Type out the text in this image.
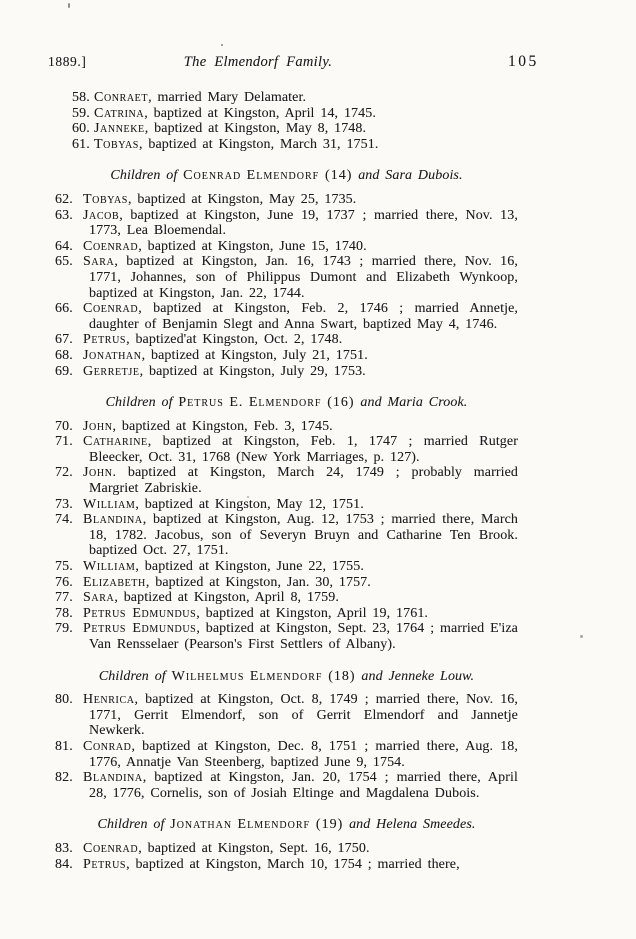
1889.]	The Elmendorf Family.	105

58. Conraet, married Mary Delamater.

59. Catrina, baptized at Kingston, April 14, 1745.

60. Janneke, baptized at Kingston, May 8, 1748.

61. Tobyas, baptized at Kingston, March 31, 1751.

Children of Coenrad Elmendorf (14) and Sara Dubois.

62. Tobyas, baptized at Kingston, May 25, 1735.

63. Jacob, baptized at Kingston, June 19, 1737 ; married there, Nov. 13, 1773, Lea Bloemendal.

64. Coenrad, baptized at Kingston, June 15, 1740.

65. Sara, baptized at Kingston, Jan. 16, 1743 ; married there, Nov. 16, 1771, Johannes, son of Philippus Dumont and Elizabeth Wynkoop, baptized at Kingston, Jan. 22, 1744.

66. Coenrad, baptized at Kingston, Feb. 2, 1746 ; married Annetje, daughter of Benjamin Slegt and Anna Swart, baptized May 4, 1746.

67. Petrus, baptized'at Kingston, Oct. 2, 1748.

68. Jonathan, baptized at Kingston, July 21, 1751.

69. Gerretje, baptized at Kingston, July 29, 1753.

Children of Petrus E. Elmendorf (16) and Maria Crook.

70. John, baptized at Kingston, Feb. 3, 1745.

71. Catharine, baptized at Kingston, Feb. 1, 1747 ; married Rutger Bleecker, Oct. 31, 1768 (New York Marriages, p. 127).

72. John. baptized at Kingston, March 24, 1749 ; probably married Margriet Zabriskie.

73. William, baptized at Kingston, May 12, 1751.

74. Blandina, baptized at Kingston, Aug. 12, 1753 ; married there, March 18, 1782. Jacobus, son of Severyn Bruyn and Catharine Ten Brook. baptized Oct. 27, 1751.

75. William, baptized at Kingston, June 22, 1755.

76. Elizabeth, baptized at Kingston, Jan. 30, 1757.

77. Sara, baptized at Kingston, April 8, 1759.

78. Petrus Edmundus, baptized at Kingston, April 19, 1761.

79. Petrus Edmundus, baptized at Kingston, Sept. 23, 1764 ; married E'iza Van Rensselaer (Pearson's First Settlers of Albany).

Children of Wilhelmus Elmendorf (18) and Jenneke Louw.

80. Henrica, baptized at Kingston, Oct. 8, 1749 ; married there, Nov. 16, 1771, Gerrit Elmendorf, son of Gerrit Elmendorf and Jannetje Newkerk.

81. Conrad, baptized at Kingston, Dec. 8, 1751 ; married there, Aug. 18, 1776, Annatje Van Steenberg, baptized June 9, 1754.

82. Blandina, baptized at Kingston, Jan. 20, 1754 ; married there, April 28, 1776, Cornelis, son of Josiah Eltinge and Magdalena Dubois.

Children of Jonathan Elmendorf (19) and Helena Smeedes.

83. Coenrad, baptized at Kingston, Sept. 16, 1750.

84. Petrus, baptized at Kingston, March 10, 1754 ; married there,
